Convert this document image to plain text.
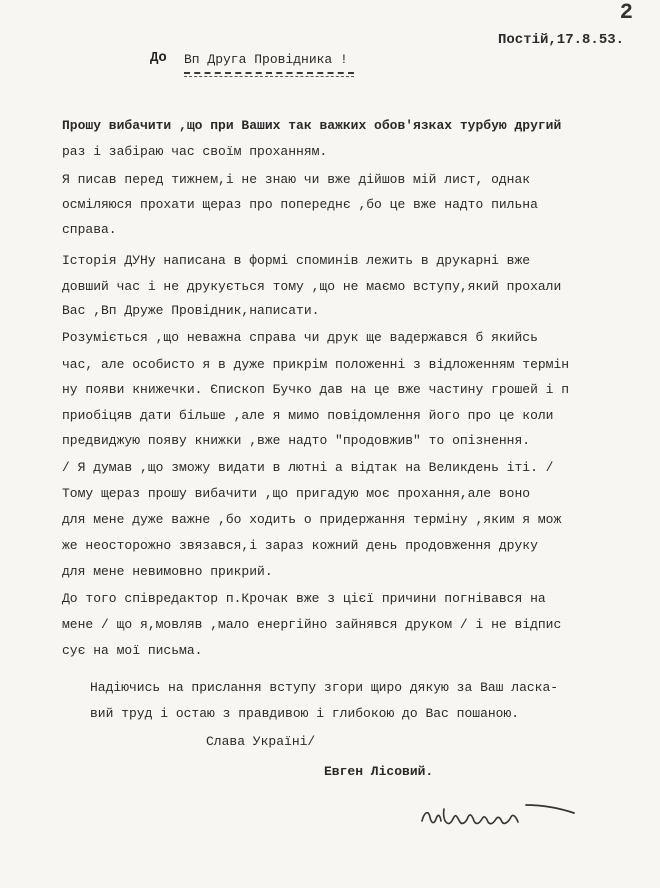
2
Постій,17.8.53.
До Вп Друга Провідника !
Прошу вибачити ,що при Ваших так важких обов'язках турбую другий
раз і забіраю час своїм проханням.
Я писав перед тижнем,і не знаю чи вже дійшов мій лист, однак
осміляюся прохати щераз про попереднє ,бо це вже надто пильна
справа.
Історія ДУНу написана в формі споминів лежить в друкарні вже
довший час і не друкується тому ,що не маємо вступу,який прохали
Вас ,Вп Друже Провідник,написати.
Розуміється ,що неважна справа чи друк ще вадержався б якийсь
час, але особисто я в дуже прикрім положенні з відложенням термін
ну появи книжечки. Єпископ Бучко дав на це вже частину грошей і п
приобіцяв дати більше ,але я мимо повідомлення його про це коли
предвиджую появу книжки ,вже надто "продовжив" то опізнення.
/ Я думав ,що зможу видати в лютні а відтак на Великдень іті. /
Тому щераз прошу вибачити ,що пригадую моє прохання,але воно
для мене дуже важне ,бо ходить о придержання терміну ,яким я мож
же неосторожно звязався,і зараз кожний день продовження друку
для мене невимовно прикрий.
До того співредактор п.Крочак вже з цієї причини погнівався на
мене / що я,мовляв ,мало енергійно зайнявся друком / і не відпис
сує на мої письма.
Надіючись на прислання вступу згори щиро дякую за Ваш ласка-
вий труд і остаю з правдивою і глибокою до Вас пошаною.
Слава Україні/
Евген Лісовий.
